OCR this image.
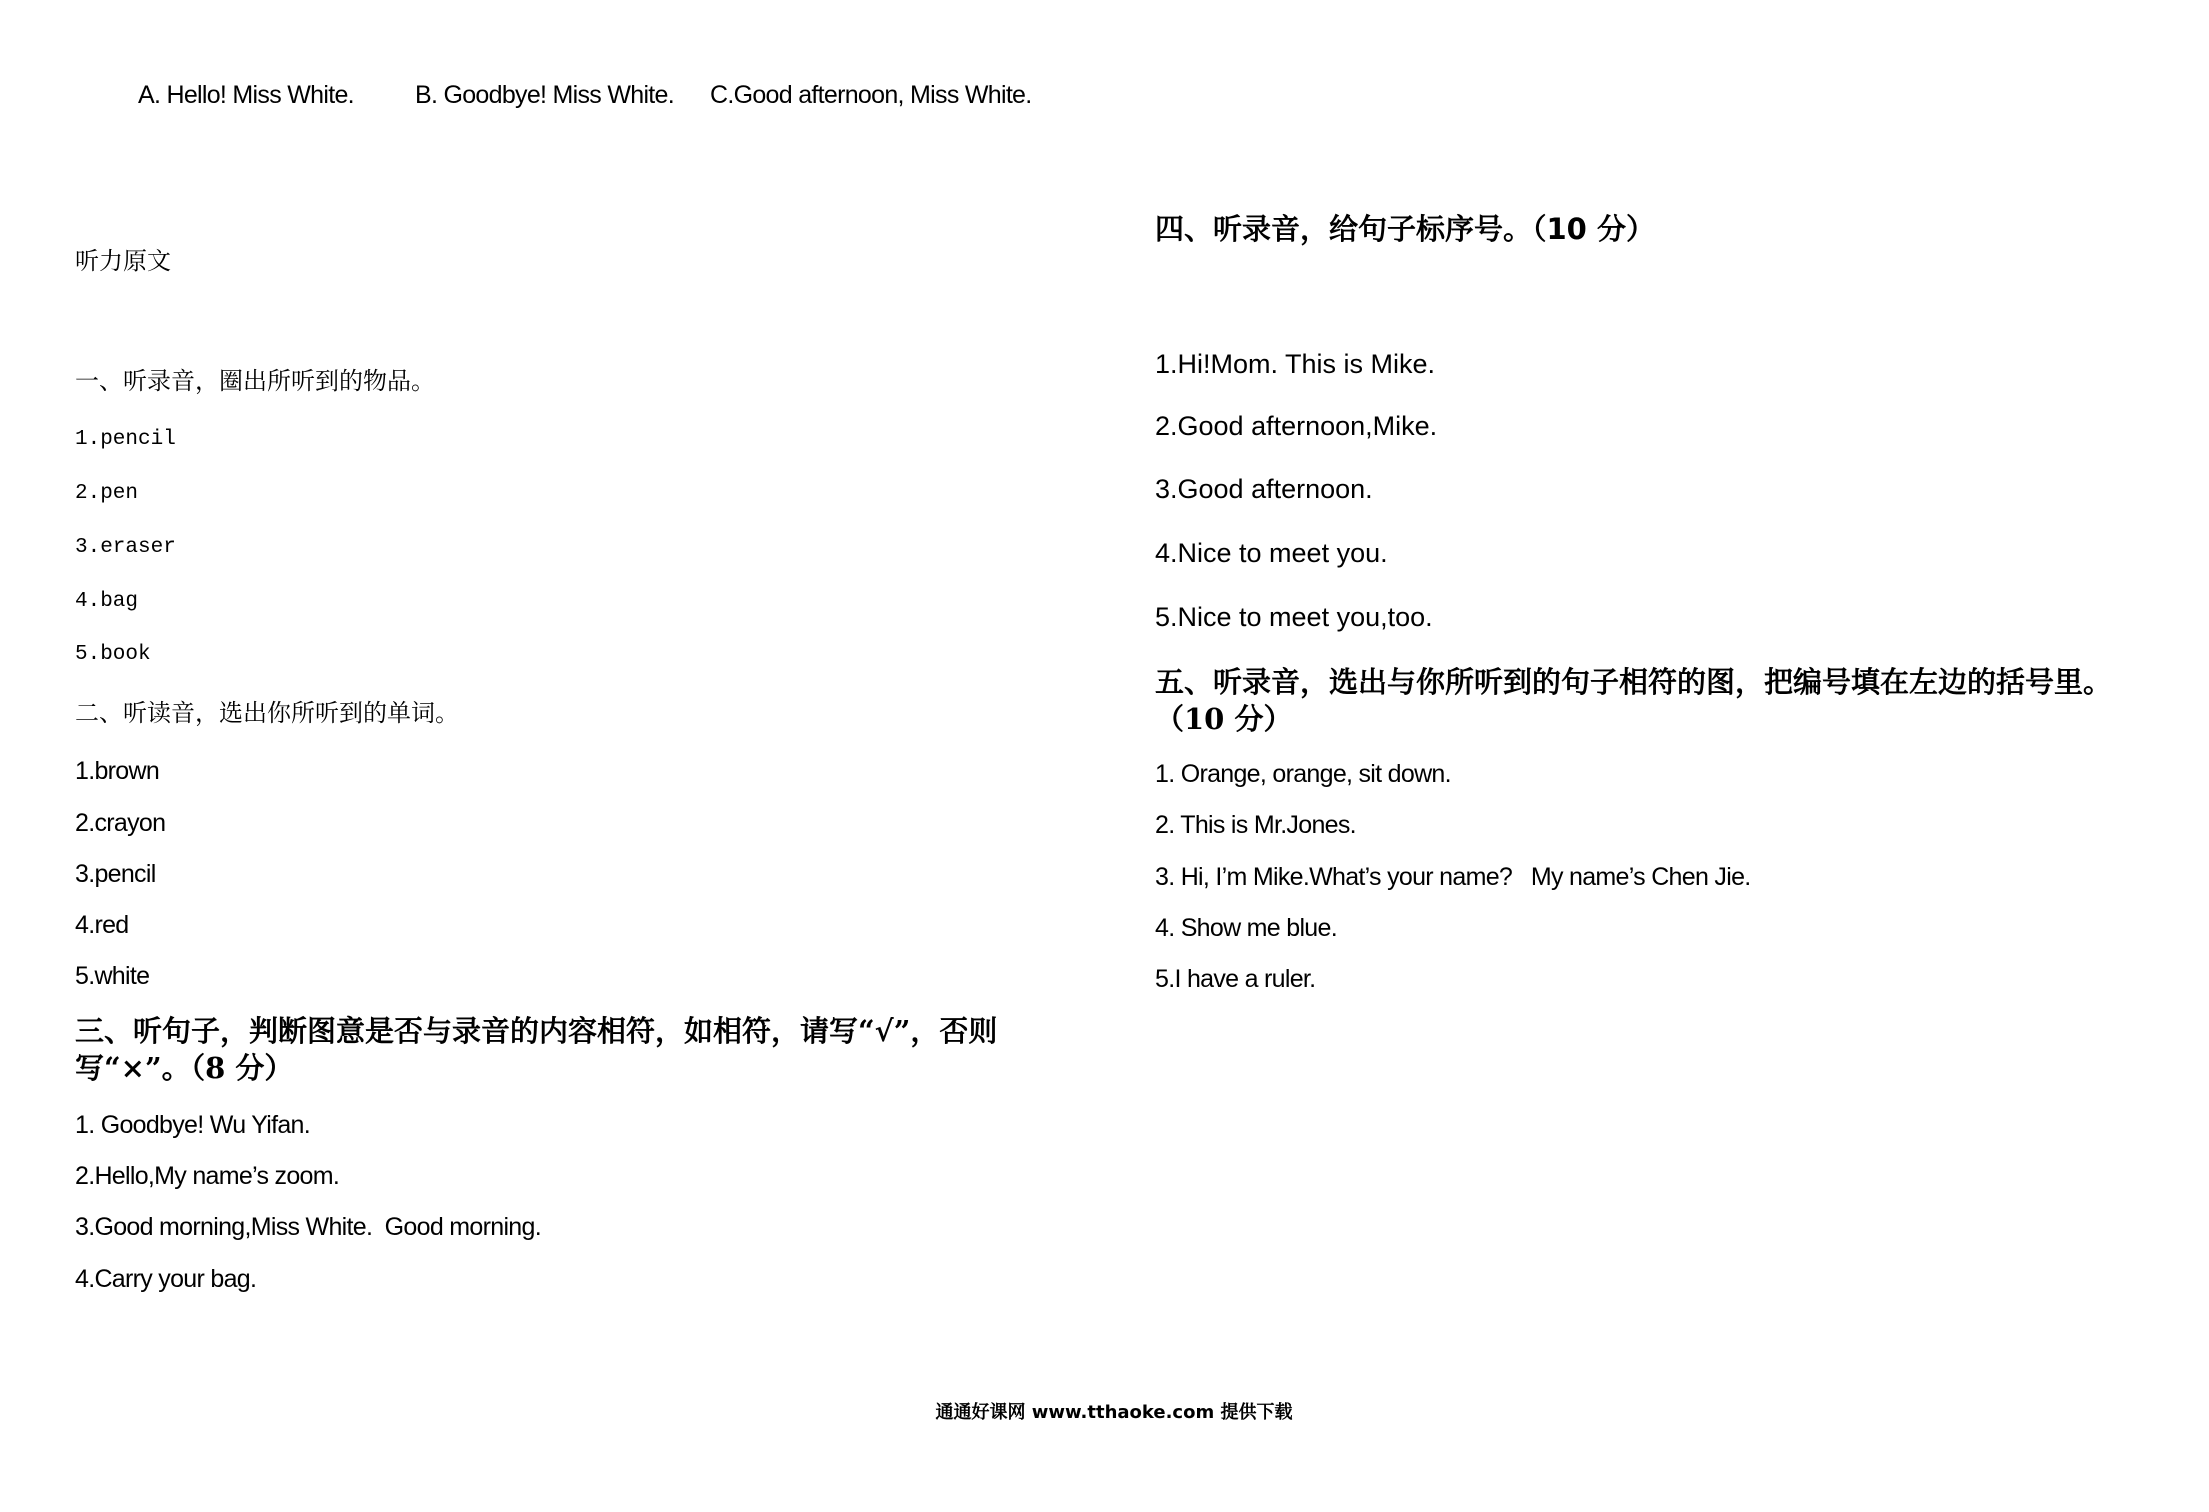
A. Hello! Miss White. B. Goodbye! Miss White. C.Good afternoon, Miss White.
听力原文
一、听录音，圈出所听到的物品。
1.pencil
2.pen
3.eraser
4.bag
5.book
二、听读音，选出你所听到的单词。
1.brown
2.crayon
3.pencil
4.red
5.white
三、听句子，判断图意是否与录音的内容相符，如相符，请写“√”，否则
写“×”。（8 分）
1. Goodbye! Wu Yifan.
2.Hello,My name’s zoom.
3.Good morning,Miss White.  Good morning.
4.Carry your bag.
四、听录音，给句子标序号。（10 分）
1.Hi!Mom. This is Mike.
2.Good afternoon,Mike.
3.Good afternoon.
4.Nice to meet you.
5.Nice to meet you,too.
五、听录音，选出与你所听到的句子相符的图，把编号填在左边的括号里。
（10 分）
1. Orange, orange, sit down.
2. This is Mr.Jones.
3. Hi, I’m Mike.What’s your name?   My name’s Chen Jie.
4. Show me blue.
5.I have a ruler.
通通好课网 www.tthaoke.com 提供下载
